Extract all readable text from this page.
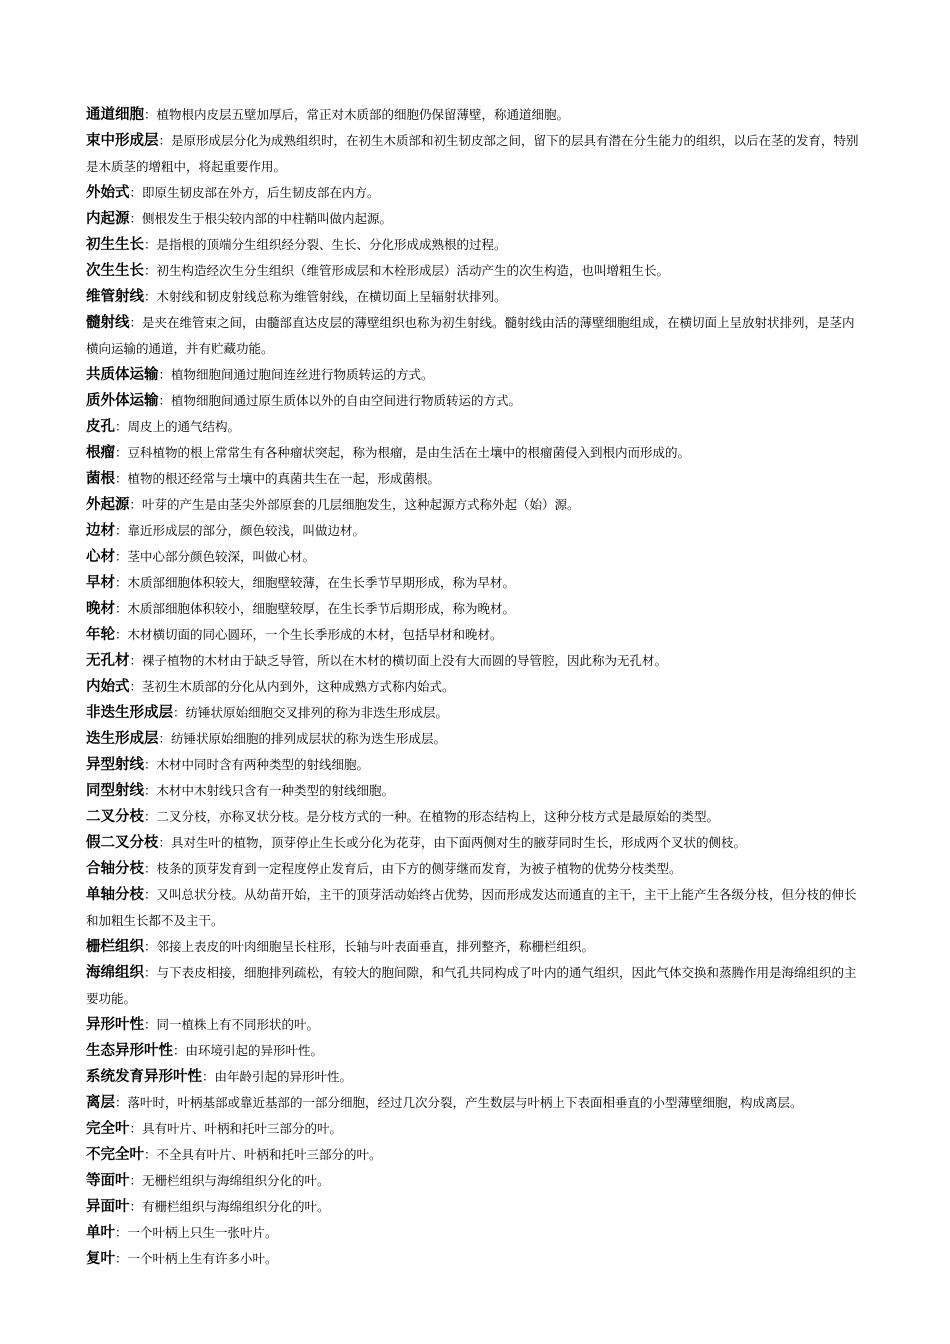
通道细胞：植物根内皮层五壁加厚后，常正对木质部的细胞仍保留薄壁，称通道细胞。
束中形成层：是原形成层分化为成熟组织时，在初生木质部和初生韧皮部之间，留下的层具有潜在分生能力的组织，以后在茎的发育，特别是木质茎的增粗中，将起重要作用。
外始式：即原生韧皮部在外方，后生韧皮部在内方。
内起源：侧根发生于根尖较内部的中柱鞘叫做内起源。
初生生长：是指根的顶端分生组织经分裂、生长、分化形成成熟根的过程。
次生生长：初生构造经次生分生组织（维管形成层和木栓形成层）活动产生的次生构造，也叫增粗生长。
维管射线：木射线和韧皮射线总称为维管射线，在横切面上呈辐射状排列。
髓射线：是夹在维管束之间，由髓部直达皮层的薄壁组织也称为初生射线。髓射线由活的薄壁细胞组成，在横切面上呈放射状排列，是茎内横向运输的通道，并有贮藏功能。
共质体运输：植物细胞间通过胞间连丝进行物质转运的方式。
质外体运输：植物细胞间通过原生质体以外的自由空间进行物质转运的方式。
皮孔：周皮上的通气结构。
根瘤：豆科植物的根上常常生有各种瘤状突起，称为根瘤，是由生活在土壤中的根瘤菌侵入到根内而形成的。
菌根：植物的根还经常与土壤中的真菌共生在一起，形成菌根。
外起源：叶芽的产生是由茎尖外部原套的几层细胞发生，这种起源方式称外起（始）源。
边材：靠近形成层的部分，颜色较浅，叫做边材。
心材：茎中心部分颜色较深，叫做心材。
早材：木质部细胞体积较大，细胞壁较薄，在生长季节早期形成，称为早材。
晚材：木质部细胞体积较小，细胞壁较厚，在生长季节后期形成，称为晚材。
年轮：木材横切面的同心圆环，一个生长季形成的木材，包括早材和晚材。
无孔材：裸子植物的木材由于缺乏导管，所以在木材的横切面上没有大而圆的导管腔，因此称为无孔材。
内始式：茎初生木质部的分化从内到外，这种成熟方式称内始式。
非迭生形成层：纺锤状原始细胞交叉排列的称为非迭生形成层。
迭生形成层：纺锤状原始细胞的排列成层状的称为迭生形成层。
异型射线：木材中同时含有两种类型的射线细胞。
同型射线：木材中木射线只含有一种类型的射线细胞。
二叉分枝：二叉分枝，亦称叉状分枝。是分枝方式的一种。在植物的形态结构上，这种分枝方式是最原始的类型。
假二叉分枝：具对生叶的植物，顶芽停止生长或分化为花芽，由下面两侧对生的腋芽同时生长，形成两个叉状的侧枝。
合轴分枝：枝条的顶芽发育到一定程度停止发育后，由下方的侧芽继而发育，为被子植物的优势分枝类型。
单轴分枝：又叫总状分枝。从幼苗开始，主干的顶芽活动始终占优势，因而形成发达而通直的主干，主干上能产生各级分枝，但分枝的伸长和加粗生长都不及主干。
栅栏组织：邻接上表皮的叶肉细胞呈长柱形，长轴与叶表面垂直，排列整齐，称栅栏组织。
海绵组织：与下表皮相接，细胞排列疏松，有较大的胞间隙，和气孔共同构成了叶内的通气组织，因此气体交换和蒸腾作用是海绵组织的主要功能。
异形叶性：同一植株上有不同形状的叶。
生态异形叶性：由环境引起的异形叶性。
系统发育异形叶性：由年龄引起的异形叶性。
离层：落叶时，叶柄基部或靠近基部的一部分细胞，经过几次分裂，产生数层与叶柄上下表面相垂直的小型薄壁细胞，构成离层。
完全叶：具有叶片、叶柄和托叶三部分的叶。
不完全叶：不全具有叶片、叶柄和托叶三部分的叶。
等面叶：无栅栏组织与海绵组织分化的叶。
异面叶：有栅栏组织与海绵组织分化的叶。
单叶：一个叶柄上只生一张叶片。
复叶：一个叶柄上生有许多小叶。
